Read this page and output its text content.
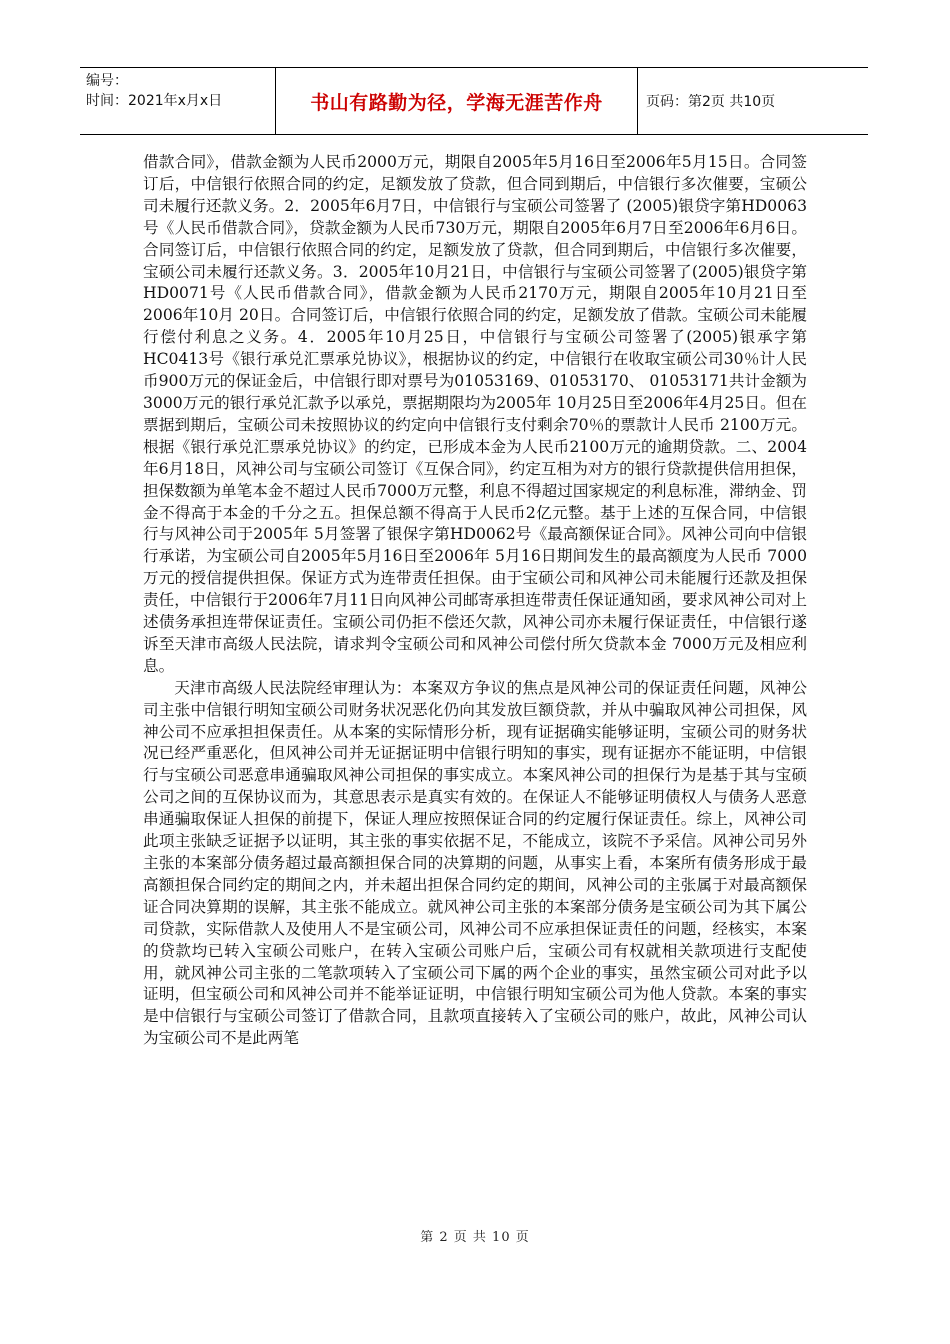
编号：
时间：2021年x月x日	书山有路勤为径，学海无涯苦作舟	页码：第2页 共10页

借款合同》，借款金额为人民币2000万元，期限自2005年5月16日至2006年5月15日。合同签订后，中信银行依照合同的约定，足额发放了贷款，但合同到期后，中信银行多次催要，宝硕公司未履行还款义务。2．2005年6月7日，中信银行与宝硕公司签署了 (2005)银贷字第HD0063号《人民币借款合同》，贷款金额为人民币730万元，期限自2005年6月7日至2006年6月6日。合同签订后，中信银行依照合同的约定，足额发放了贷款，但合同到期后，中信银行多次催要，宝硕公司未履行还款义务。3．2005年10月21日，中信银行与宝硕公司签署了(2005)银贷字第HD0071号《人民币借款合同》，借款金额为人民币2170万元，期限自2005年10月21日至2006年10月 20日。合同签订后，中信银行依照合同的约定，足额发放了借款。宝硕公司未能履行偿付利息之义务。4．2005年10月25日，中信银行与宝硕公司签署了(2005)银承字第HC0413号《银行承兑汇票承兑协议》，根据协议的约定，中信银行在收取宝硕公司30％计人民币900万元的保证金后，中信银行即对票号为01053169、01053170、 01053171共计金额为3000万元的银行承兑汇款予以承兑，票据期限均为2005年 10月25日至2006年4月25日。但在票据到期后，宝硕公司未按照协议的约定向中信银行支付剩余70％的票款计人民币 2100万元。根据《银行承兑汇票承兑协议》的约定，已形成本金为人民币2100万元的逾期贷款。二、2004年6月18日，风神公司与宝硕公司签订《互保合同》，约定互相为对方的银行贷款提供信用担保，担保数额为单笔本金不超过人民币7000万元整，利息不得超过国家规定的利息标准，滞纳金、罚金不得高于本金的千分之五。担保总额不得高于人民币2亿元整。基于上述的互保合同，中信银行与风神公司于2005年 5月签署了银保字第HD0062号《最高额保证合同》。风神公司向中信银行承诺，为宝硕公司自2005年5月16日至2006年 5月16日期间发生的最高额度为人民币 7000万元的授信提供担保。保证方式为连带责任担保。由于宝硕公司和风神公司未能履行还款及担保责任，中信银行于2006年7月11日向风神公司邮寄承担连带责任保证通知函，要求风神公司对上述债务承担连带保证责任。宝硕公司仍拒不偿还欠款，风神公司亦未履行保证责任，中信银行遂诉至天津市高级人民法院，请求判令宝硕公司和风神公司偿付所欠贷款本金 7000万元及相应利息。

天津市高级人民法院经审理认为：本案双方争议的焦点是风神公司的保证责任问题，风神公司主张中信银行明知宝硕公司财务状况恶化仍向其发放巨额贷款，并从中骗取风神公司担保，风神公司不应承担担保责任。从本案的实际情形分析，现有证据确实能够证明，宝硕公司的财务状况已经严重恶化，但风神公司并无证据证明中信银行明知的事实，现有证据亦不能证明，中信银行与宝硕公司恶意串通骗取风神公司担保的事实成立。本案风神公司的担保行为是基于其与宝硕公司之间的互保协议而为，其意思表示是真实有效的。在保证人不能够证明债权人与债务人恶意串通骗取保证人担保的前提下，保证人理应按照保证合同的约定履行保证责任。综上，风神公司此项主张缺乏证据予以证明，其主张的事实依据不足，不能成立，该院不予采信。风神公司另外主张的本案部分债务超过最高额担保合同的决算期的问题，从事实上看，本案所有债务形成于最高额担保合同约定的期间之内，并未超出担保合同约定的期间，风神公司的主张属于对最高额保证合同决算期的误解，其主张不能成立。就风神公司主张的本案部分债务是宝硕公司为其下属公司贷款，实际借款人及使用人不是宝硕公司，风神公司不应承担保证责任的问题，经核实，本案的贷款均已转入宝硕公司账户，在转入宝硕公司账户后，宝硕公司有权就相关款项进行支配使用，就风神公司主张的二笔款项转入了宝硕公司下属的两个企业的事实，虽然宝硕公司对此予以证明，但宝硕公司和风神公司并不能举证证明，中信银行明知宝硕公司为他人贷款。本案的事实是中信银行与宝硕公司签订了借款合同，且款项直接转入了宝硕公司的账户，故此，风神公司认为宝硕公司不是此两笔

第 2 页 共 10 页
